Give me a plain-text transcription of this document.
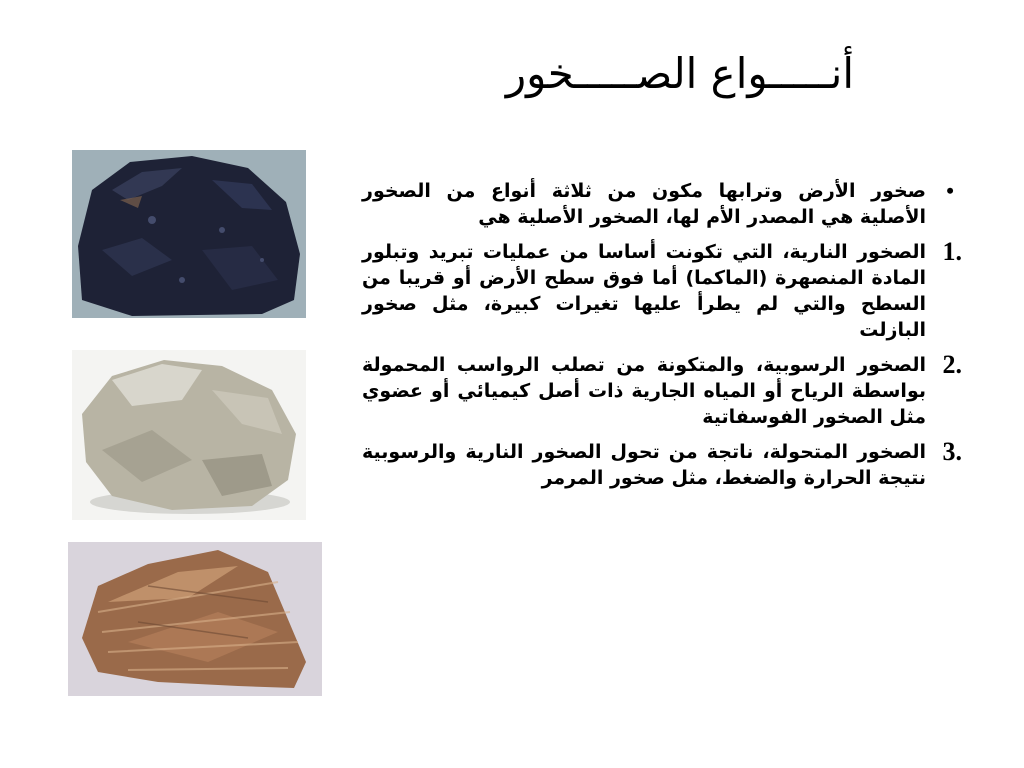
أنـــــواع الصـــــخور
•
صخور الأرض وترابها مكون من ثلاثة أنواع من الصخور الأصلية هي المصدر الأم لها، الصخور الأصلية هي
1.
الصخور النارية، التي تكونت أساسا من عمليات تبريد وتبلور المادة المنصهرة (الماكما) أما فوق سطح الأرض أو قريبا من السطح والتي لم يطرأ عليها تغيرات كبيرة، مثل صخور البازلت
2.
الصخور الرسوبية، والمتكونة من تصلب الرواسب المحمولة بواسطة الرياح أو المياه الجارية ذات أصل كيميائي أو عضوي مثل الصخور الفوسفاتية
3.
الصخور المتحولة، ناتجة من تحول الصخور النارية والرسوبية نتيجة الحرارة والضغط، مثل صخور المرمر
